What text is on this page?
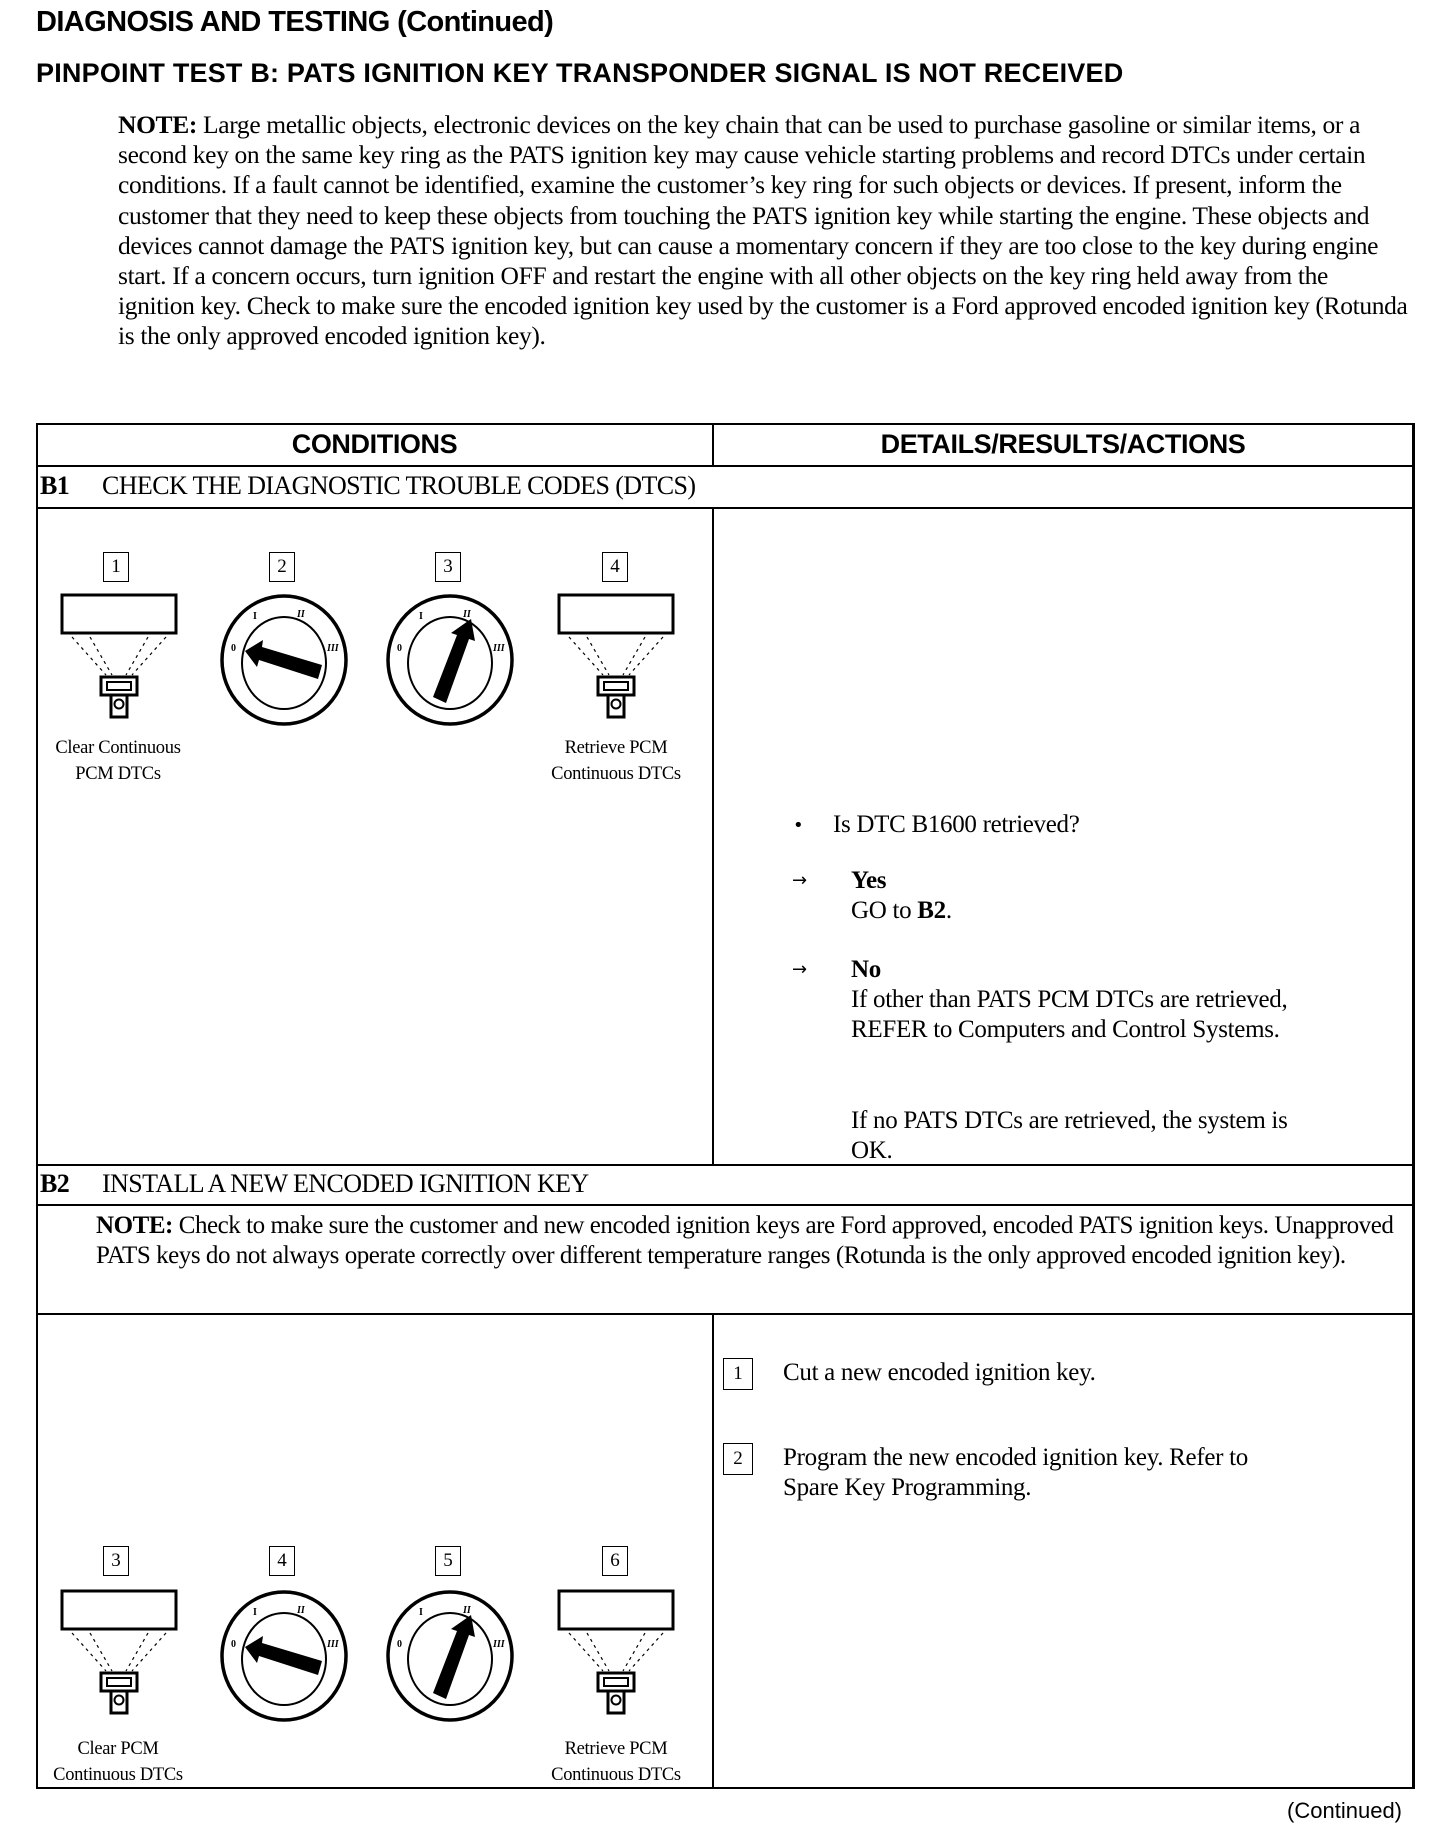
DIAGNOSIS AND TESTING (Continued)
PINPOINT TEST B: PATS IGNITION KEY TRANSPONDER SIGNAL IS NOT RECEIVED
NOTE: Large metallic objects, electronic devices on the key chain that can be used to purchase gasoline or similar items, or a second key on the same key ring as the PATS ignition key may cause vehicle starting problems and record DTCs under certain conditions. If a fault cannot be identified, examine the customer’s key ring for such objects or devices. If present, inform the customer that they need to keep these objects from touching the PATS ignition key while starting the engine. These objects and devices cannot damage the PATS ignition key, but can cause a momentary concern if they are too close to the key during engine start. If a concern occurs, turn ignition OFF and restart the engine with all other objects on the key ring held away from the ignition key. Check to make sure the encoded ignition key used by the customer is a Ford approved encoded ignition key (Rotunda is the only approved encoded ignition key).
CONDITIONS	DETAILS/RESULTS/ACTIONS
B1 CHECK THE DIAGNOSTIC TROUBLE CODES (DTCS)
1	2	3	4
0
I	II
III	0
I	II
III
Clear Continuous
PCM DTCs
Retrieve PCM
Continuous DTCs
• Is DTC B1600 retrieved?
→ Yes
GO to B2.
→ No
If other than PATS PCM DTCs are retrieved,
REFER to Computers and Control Systems.
If no PATS DTCs are retrieved, the system is
OK.
B2 INSTALL A NEW ENCODED IGNITION KEY
NOTE: Check to make sure the customer and new encoded ignition keys are Ford approved, encoded PATS ignition keys. Unapproved PATS keys do not always operate correctly over different temperature ranges (Rotunda is the only approved encoded ignition key).
1	Cut a new encoded ignition key.
2	Program the new encoded ignition key. Refer to
Spare Key Programming.
3	4	5	6
0
I	II
III	0
I	II
III
Clear PCM
Continuous DTCs
Retrieve PCM
Continuous DTCs
(Continued)
